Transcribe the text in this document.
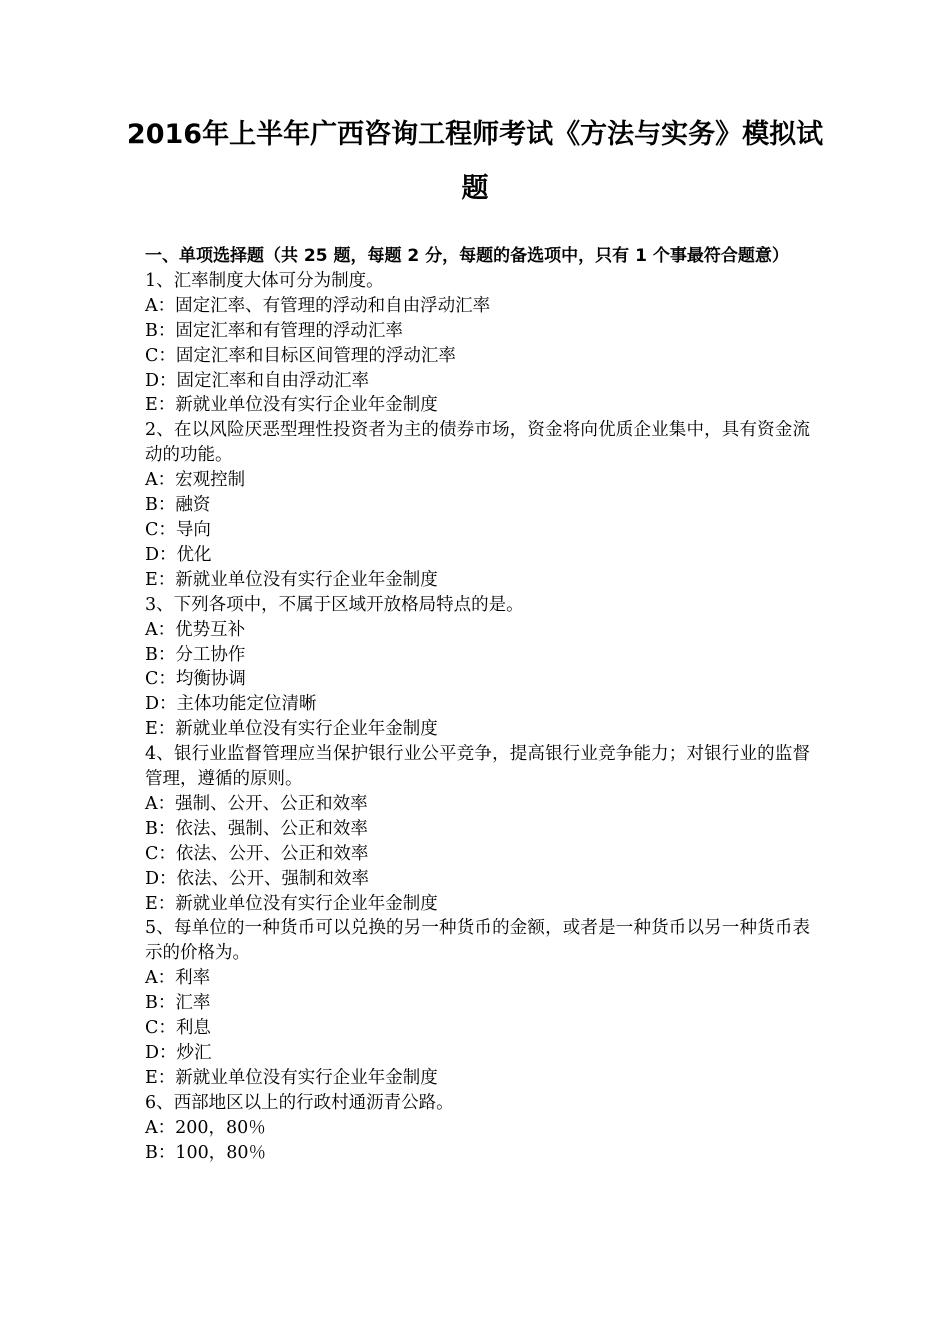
2016年上半年广西咨询工程师考试《方法与实务》模拟试题
一、单项选择题（共 25 题，每题 2 分，每题的备选项中，只有 1 个事最符合题意）
1、汇率制度大体可分为制度。
A：固定汇率、有管理的浮动和自由浮动汇率
B：固定汇率和有管理的浮动汇率
C：固定汇率和目标区间管理的浮动汇率
D：固定汇率和自由浮动汇率
E：新就业单位没有实行企业年金制度
2、在以风险厌恶型理性投资者为主的债券市场，资金将向优质企业集中，具有资金流动的功能。
A：宏观控制
B：融资
C：导向
D：优化
E：新就业单位没有实行企业年金制度
3、下列各项中，不属于区域开放格局特点的是。
A：优势互补
B：分工协作
C：均衡协调
D：主体功能定位清晰
E：新就业单位没有实行企业年金制度
4、银行业监督管理应当保护银行业公平竞争，提高银行业竞争能力；对银行业的监督管理，遵循的原则。
A：强制、公开、公正和效率
B：依法、强制、公正和效率
C：依法、公开、公正和效率
D：依法、公开、强制和效率
E：新就业单位没有实行企业年金制度
5、每单位的一种货币可以兑换的另一种货币的金额，或者是一种货币以另一种货币表示的价格为。
A：利率
B：汇率
C：利息
D：炒汇
E：新就业单位没有实行企业年金制度
6、西部地区以上的行政村通沥青公路。
A：200，80％
B：100，80％
